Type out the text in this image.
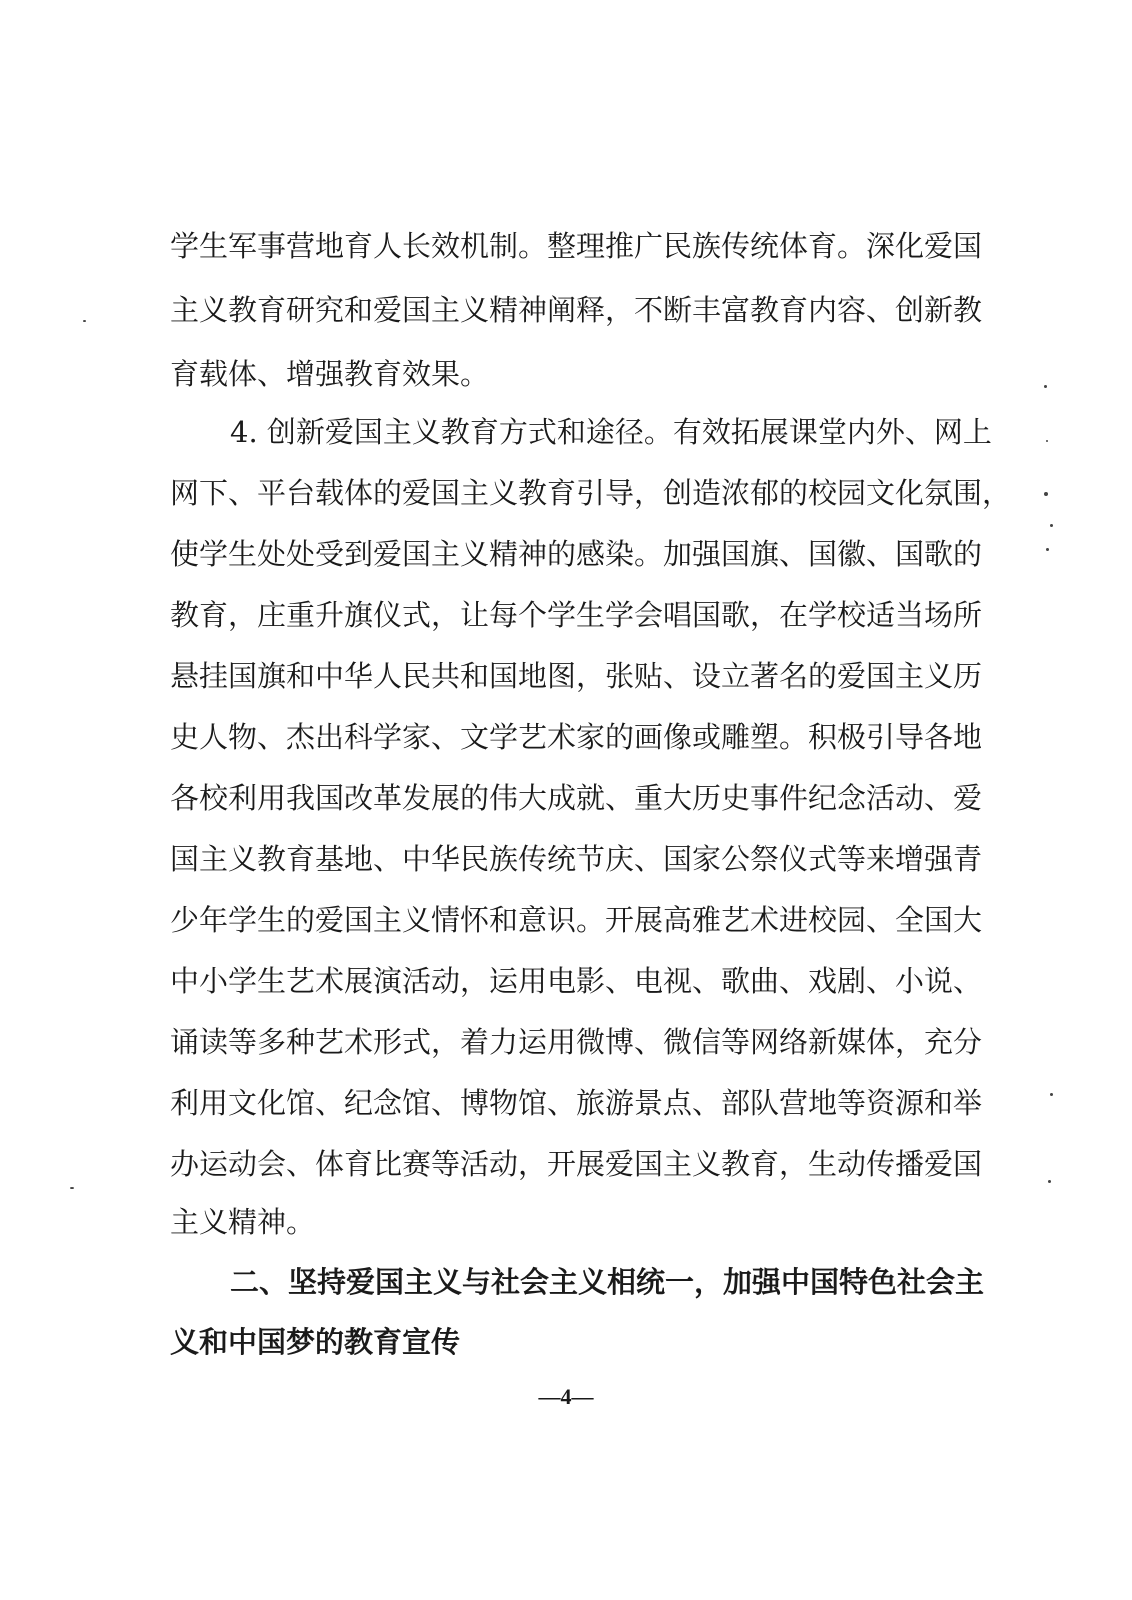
学生军事营地育人长效机制。整理推广民族传统体育。深化爱国

主义教育研究和爱国主义精神阐释，不断丰富教育内容、创新教

育载体、增强教育效果。

4. 创新爱国主义教育方式和途径。有效拓展课堂内外、网上

网下、平台载体的爱国主义教育引导，创造浓郁的校园文化氛围，

使学生处处受到爱国主义精神的感染。加强国旗、国徽、国歌的

教育，庄重升旗仪式，让每个学生学会唱国歌，在学校适当场所

悬挂国旗和中华人民共和国地图，张贴、设立著名的爱国主义历

史人物、杰出科学家、文学艺术家的画像或雕塑。积极引导各地

各校利用我国改革发展的伟大成就、重大历史事件纪念活动、爱

国主义教育基地、中华民族传统节庆、国家公祭仪式等来增强青

少年学生的爱国主义情怀和意识。开展高雅艺术进校园、全国大

中小学生艺术展演活动，运用电影、电视、歌曲、戏剧、小说、

诵读等多种艺术形式，着力运用微博、微信等网络新媒体，充分

利用文化馆、纪念馆、博物馆、旅游景点、部队营地等资源和举

办运动会、体育比赛等活动，开展爱国主义教育，生动传播爱国

主义精神。

二、坚持爱国主义与社会主义相统一，加强中国特色社会主

义和中国梦的教育宣传

—4—
